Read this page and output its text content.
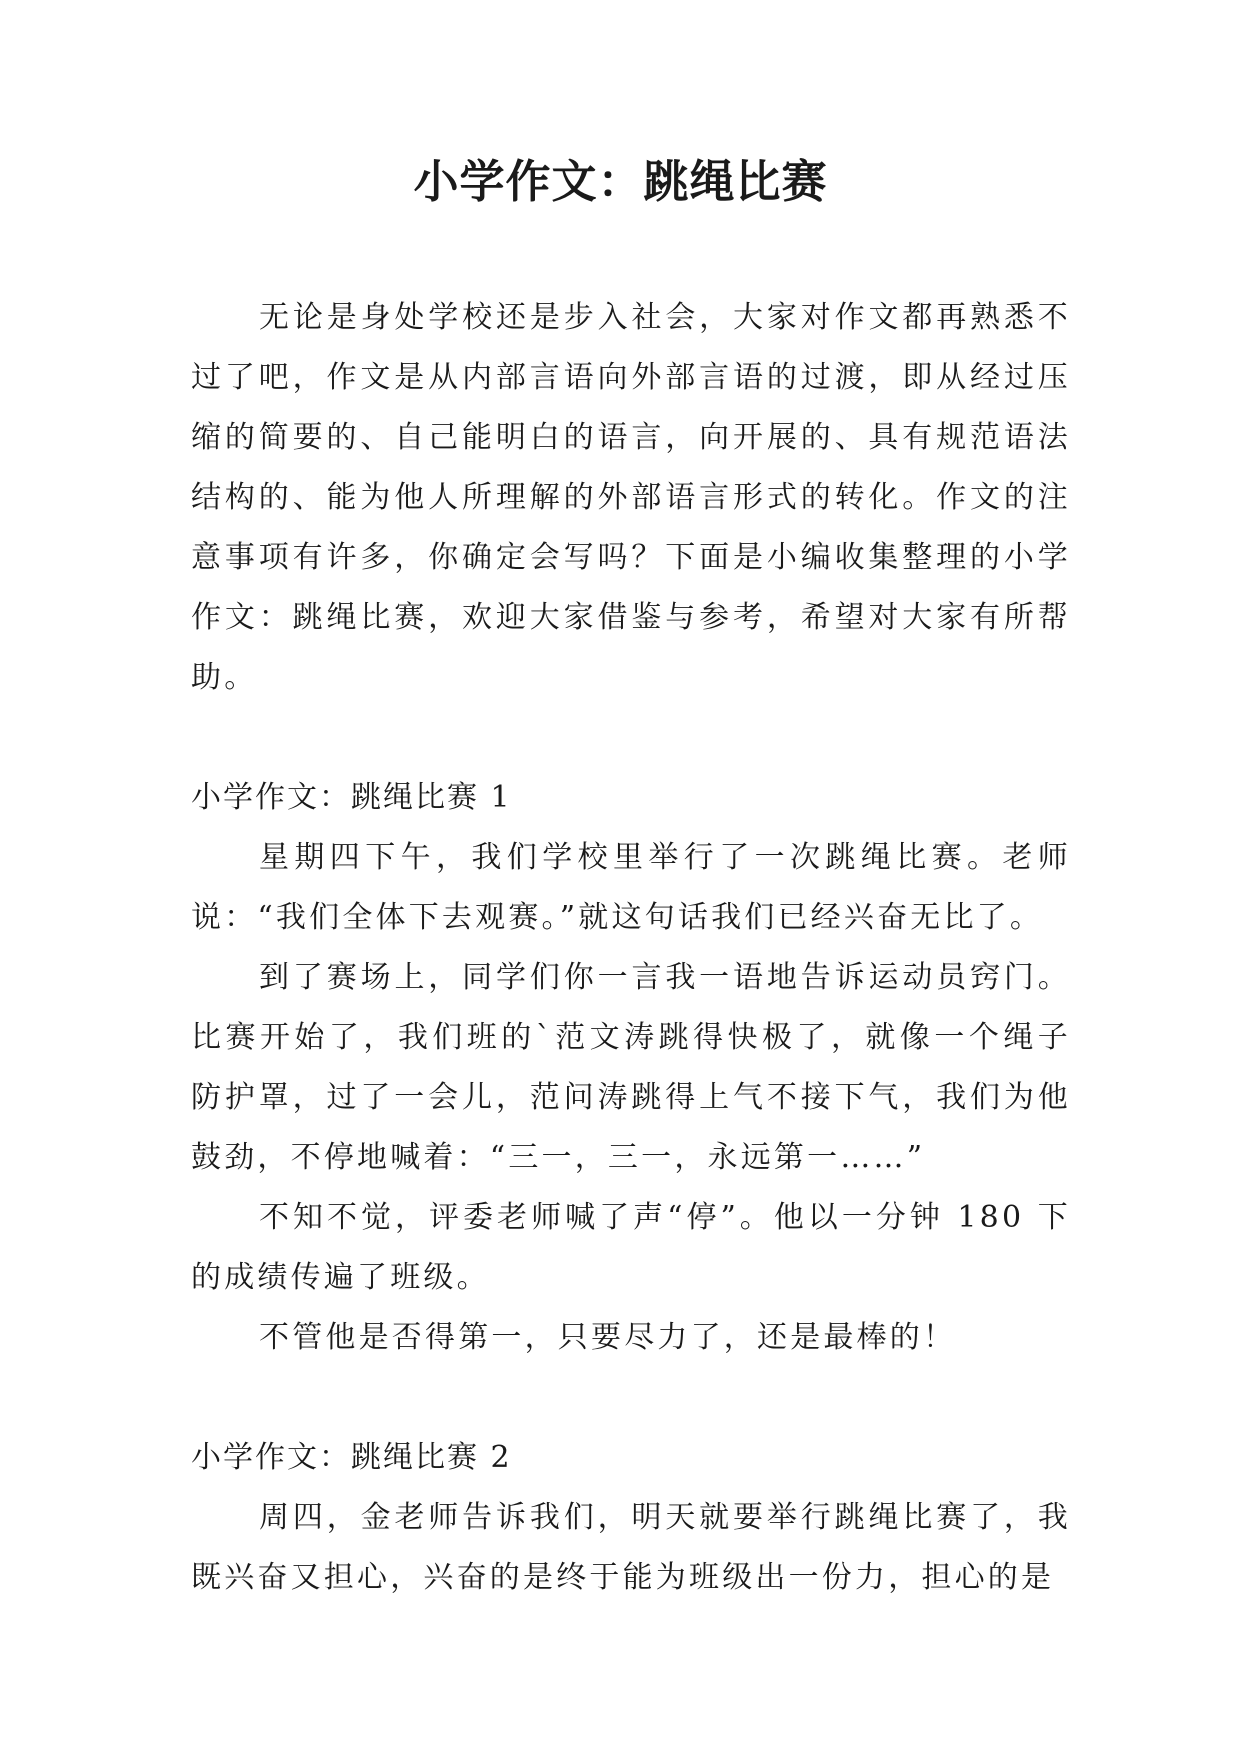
小学作文：跳绳比赛

无论是身处学校还是步入社会，大家对作文都再熟悉不过了吧，作文是从内部言语向外部言语的过渡，即从经过压缩的简要的、自己能明白的语言，向开展的、具有规范语法结构的、能为他人所理解的外部语言形式的转化。作文的注意事项有许多，你确定会写吗？下面是小编收集整理的小学作文：跳绳比赛，欢迎大家借鉴与参考，希望对大家有所帮助。

小学作文：跳绳比赛 1

星期四下午，我们学校里举行了一次跳绳比赛。老师说：“我们全体下去观赛。”就这句话我们已经兴奋无比了。

到了赛场上，同学们你一言我一语地告诉运动员窍门。比赛开始了，我们班的`范文涛跳得快极了，就像一个绳子防护罩，过了一会儿，范问涛跳得上气不接下气，我们为他鼓劲，不停地喊着：“三一，三一，永远第一……”

不知不觉，评委老师喊了声“停”。他以一分钟 180 下的成绩传遍了班级。

不管他是否得第一，只要尽力了，还是最棒的！

小学作文：跳绳比赛 2

周四，金老师告诉我们，明天就要举行跳绳比赛了，我既兴奋又担心，兴奋的是终于能为班级出一份力，担心的是
